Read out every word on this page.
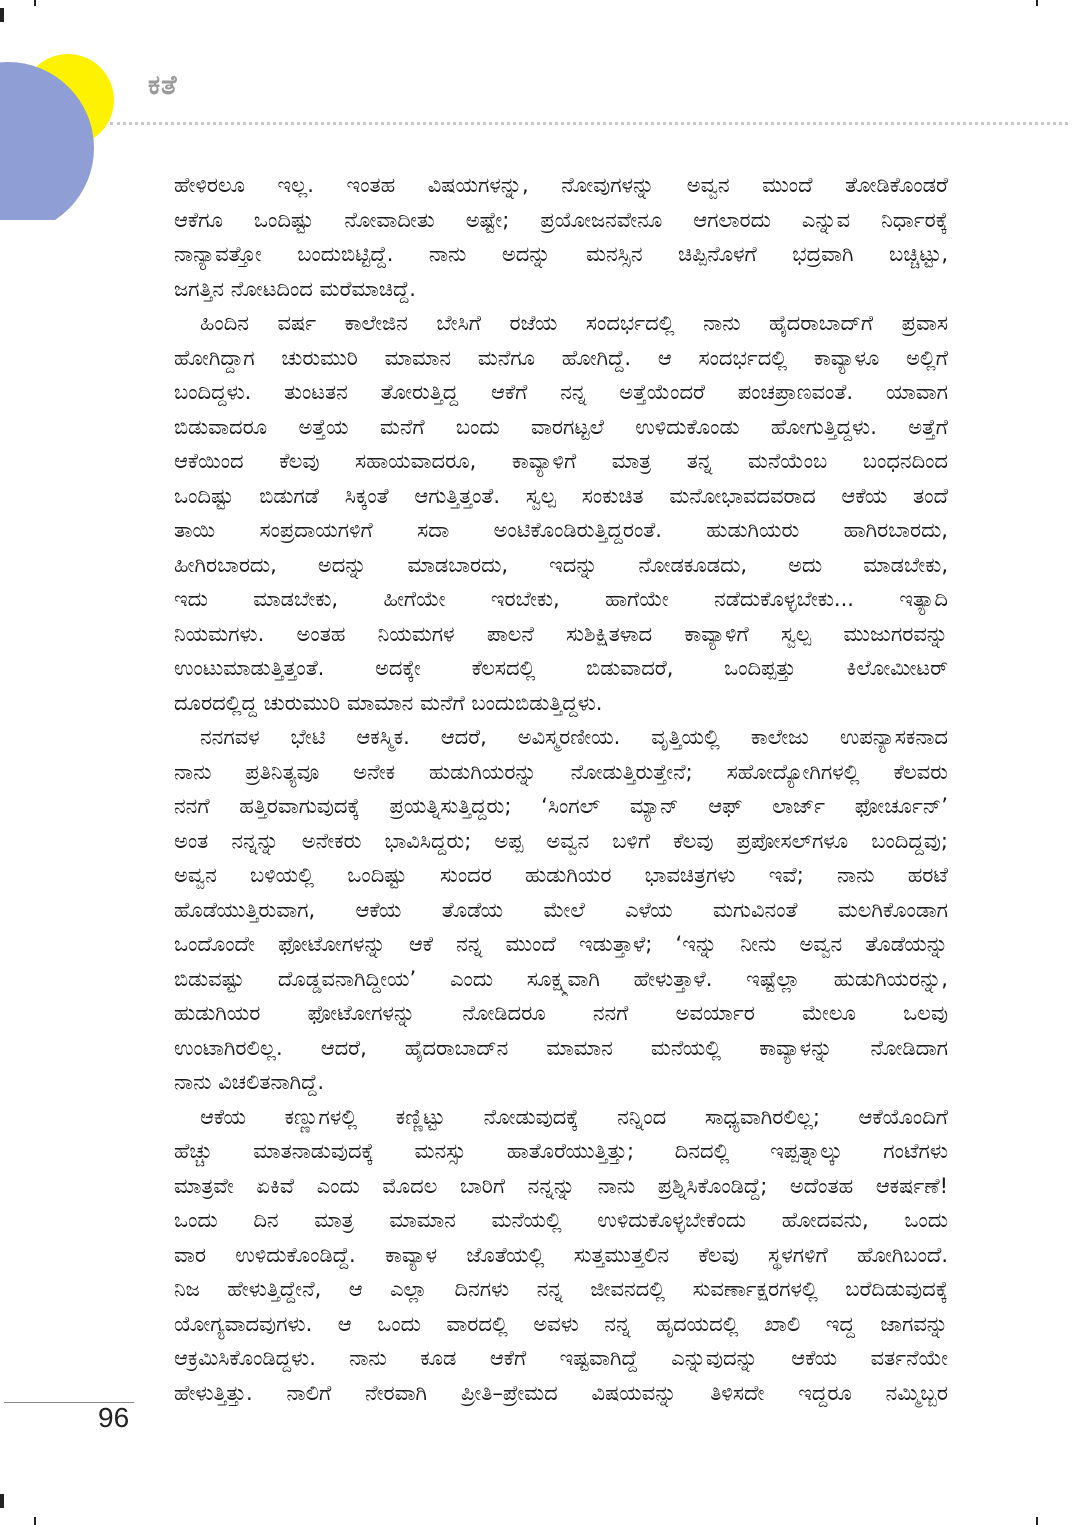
ಕತೆ
ಹೇಳಿರಲೂ ಇಲ್ಲ. ಇಂತಹ ವಿಷಯಗಳನ್ನು, ನೋವುಗಳನ್ನು ಅವ್ವನ ಮುಂದೆ ತೋಡಿಕೊಂಡರೆ
ಆಕೆಗೂ ಒಂದಿಷ್ಟು ನೋವಾದೀತು ಅಷ್ಟೇ; ಪ್ರಯೋಜನವೇನೂ ಆಗಲಾರದು ಎನ್ನುವ ನಿರ್ಧಾರಕ್ಕೆ
ನಾನ್ಯಾವತ್ತೋ ಬಂದುಬಿಟ್ಟಿದ್ದೆ. ನಾನು ಅದನ್ನು ಮನಸ್ಸಿನ ಚಿಪ್ಪಿನೊಳಗೆ ಭದ್ರವಾಗಿ ಬಚ್ಚಿಟ್ಟು,
ಜಗತ್ತಿನ ನೋಟದಿಂದ ಮರೆಮಾಚಿದ್ದೆ.
ಹಿಂದಿನ ವರ್ಷ ಕಾಲೇಜಿನ ಬೇಸಿಗೆ ರಜೆಯ ಸಂದರ್ಭದಲ್ಲಿ ನಾನು ಹೈದರಾಬಾದ್‌ಗೆ ಪ್ರವಾಸ
ಹೋಗಿದ್ದಾಗ ಚುರುಮುರಿ ಮಾಮಾನ ಮನೆಗೂ ಹೋಗಿದ್ದೆ. ಆ ಸಂದರ್ಭದಲ್ಲಿ ಕಾವ್ಯಾಳೂ ಅಲ್ಲಿಗೆ
ಬಂದಿದ್ದಳು. ತುಂಟತನ ತೋರುತ್ತಿದ್ದ ಆಕೆಗೆ ನನ್ನ ಅತ್ತೆಯೆಂದರೆ ಪಂಚಪ್ರಾಣವಂತೆ. ಯಾವಾಗ
ಬಿಡುವಾದರೂ ಅತ್ತೆಯ ಮನೆಗೆ ಬಂದು ವಾರಗಟ್ಟಲೆ ಉಳಿದುಕೊಂಡು ಹೋಗುತ್ತಿದ್ದಳು. ಅತ್ತೆಗೆ
ಆಕೆಯಿಂದ ಕೆಲವು ಸಹಾಯವಾದರೂ, ಕಾವ್ಯಾಳಿಗೆ ಮಾತ್ರ ತನ್ನ ಮನೆಯೆಂಬ ಬಂಧನದಿಂದ
ಒಂದಿಷ್ಟು ಬಿಡುಗಡೆ ಸಿಕ್ಕಂತೆ ಆಗುತ್ತಿತ್ತಂತೆ. ಸ್ವಲ್ಪ ಸಂಕುಚಿತ ಮನೋಭಾವದವರಾದ ಆಕೆಯ ತಂದೆ
ತಾಯಿ ಸಂಪ್ರದಾಯಗಳಿಗೆ ಸದಾ ಅಂಟಿಕೊಂಡಿರುತ್ತಿದ್ದರಂತೆ. ಹುಡುಗಿಯರು ಹಾಗಿರಬಾರದು,
ಹೀಗಿರಬಾರದು, ಅದನ್ನು ಮಾಡಬಾರದು, ಇದನ್ನು ನೋಡಕೂಡದು, ಅದು ಮಾಡಬೇಕು,
ಇದು ಮಾಡಬೇಕು, ಹೀಗೆಯೇ ಇರಬೇಕು, ಹಾಗೆಯೇ ನಡೆದುಕೊಳ್ಳಬೇಕು... ಇತ್ಯಾದಿ
ನಿಯಮಗಳು. ಅಂತಹ ನಿಯಮಗಳ ಪಾಲನೆ ಸುಶಿಕ್ಷಿತಳಾದ ಕಾವ್ಯಾಳಿಗೆ ಸ್ವಲ್ಪ ಮುಜುಗರವನ್ನು
ಉಂಟುಮಾಡುತ್ತಿತ್ತಂತೆ. ಅದಕ್ಕೇ ಕೆಲಸದಲ್ಲಿ ಬಿಡುವಾದರೆ, ಒಂದಿಪ್ಪತ್ತು ಕಿಲೋಮೀಟರ್
ದೂರದಲ್ಲಿದ್ದ ಚುರುಮುರಿ ಮಾಮಾನ ಮನೆಗೆ ಬಂದುಬಿಡುತ್ತಿದ್ದಳು.
ನನಗವಳ ಭೇಟಿ ಆಕಸ್ಮಿಕ. ಆದರೆ, ಅವಿಸ್ಮರಣೀಯ. ವೃತ್ತಿಯಲ್ಲಿ ಕಾಲೇಜು ಉಪನ್ಯಾಸಕನಾದ
ನಾನು ಪ್ರತಿನಿತ್ಯವೂ ಅನೇಕ ಹುಡುಗಿಯರನ್ನು ನೋಡುತ್ತಿರುತ್ತೇನೆ; ಸಹೋದ್ಯೋಗಿಗಳಲ್ಲಿ ಕೆಲವರು
ನನಗೆ ಹತ್ತಿರವಾಗುವುದಕ್ಕೆ ಪ್ರಯತ್ನಿಸುತ್ತಿದ್ದರು; ‘ಸಿಂಗಲ್ ಮ್ಯಾನ್ ಆಫ್ ಲಾರ್ಜ್ ಫೋರ್ಚೂನ್’
ಅಂತ ನನ್ನನ್ನು ಅನೇಕರು ಭಾವಿಸಿದ್ದರು; ಅಪ್ಪ ಅವ್ವನ ಬಳಿಗೆ ಕೆಲವು ಪ್ರಪೋಸಲ್‌ಗಳೂ ಬಂದಿದ್ದವು;
ಅವ್ವನ ಬಳಿಯಲ್ಲಿ ಒಂದಿಷ್ಟು ಸುಂದರ ಹುಡುಗಿಯರ ಭಾವಚಿತ್ರಗಳು ಇವೆ; ನಾನು ಹರಟೆ
ಹೊಡೆಯುತ್ತಿರುವಾಗ, ಆಕೆಯ ತೊಡೆಯ ಮೇಲೆ ಎಳೆಯ ಮಗುವಿನಂತೆ ಮಲಗಿಕೊಂಡಾಗ
ಒಂದೊಂದೇ ಫೋಟೋಗಳನ್ನು ಆಕೆ ನನ್ನ ಮುಂದೆ ಇಡುತ್ತಾಳೆ; ‘ಇನ್ನು ನೀನು ಅವ್ವನ ತೊಡೆಯನ್ನು
ಬಿಡುವಷ್ಟು ದೊಡ್ಡವನಾಗಿದ್ದೀಯ’ ಎಂದು ಸೂಕ್ಷ್ಮವಾಗಿ ಹೇಳುತ್ತಾಳೆ. ಇಷ್ಟೆಲ್ಲಾ ಹುಡುಗಿಯರನ್ನು,
ಹುಡುಗಿಯರ ಫೋಟೋಗಳನ್ನು ನೋಡಿದರೂ ನನಗೆ ಅವರ್ಯಾರ ಮೇಲೂ ಒಲವು
ಉಂಟಾಗಿರಲಿಲ್ಲ. ಆದರೆ, ಹೈದರಾಬಾದ್‌ನ ಮಾಮಾನ ಮನೆಯಲ್ಲಿ ಕಾವ್ಯಾಳನ್ನು ನೋಡಿದಾಗ
ನಾನು ವಿಚಲಿತನಾಗಿದ್ದೆ.
ಆಕೆಯ ಕಣ್ಣುಗಳಲ್ಲಿ ಕಣ್ಣಿಟ್ಟು ನೋಡುವುದಕ್ಕೆ ನನ್ನಿಂದ ಸಾಧ್ಯವಾಗಿರಲಿಲ್ಲ; ಆಕೆಯೊಂದಿಗೆ
ಹೆಚ್ಚು ಮಾತನಾಡುವುದಕ್ಕೆ ಮನಸ್ಸು ಹಾತೊರೆಯುತ್ತಿತ್ತು; ದಿನದಲ್ಲಿ ಇಪ್ಪತ್ನಾಲ್ಕು ಗಂಟೆಗಳು
ಮಾತ್ರವೇ ಏಕಿವೆ ಎಂದು ಮೊದಲ ಬಾರಿಗೆ ನನ್ನನ್ನು ನಾನು ಪ್ರಶ್ನಿಸಿಕೊಂಡಿದ್ದೆ; ಅದೆಂತಹ ಆಕರ್ಷಣೆ!
ಒಂದು ದಿನ ಮಾತ್ರ ಮಾಮಾನ ಮನೆಯಲ್ಲಿ ಉಳಿದುಕೊಳ್ಳಬೇಕೆಂದು ಹೋದವನು, ಒಂದು
ವಾರ ಉಳಿದುಕೊಂಡಿದ್ದೆ. ಕಾವ್ಯಾಳ ಜೊತೆಯಲ್ಲಿ ಸುತ್ತಮುತ್ತಲಿನ ಕೆಲವು ಸ್ಥಳಗಳಿಗೆ ಹೋಗಿಬಂದೆ.
ನಿಜ ಹೇಳುತ್ತಿದ್ದೇನೆ, ಆ ಎಲ್ಲಾ ದಿನಗಳು ನನ್ನ ಜೀವನದಲ್ಲಿ ಸುವರ್ಣಾಕ್ಷರಗಳಲ್ಲಿ ಬರೆದಿಡುವುದಕ್ಕೆ
ಯೋಗ್ಯವಾದವುಗಳು. ಆ ಒಂದು ವಾರದಲ್ಲಿ ಅವಳು ನನ್ನ ಹೃದಯದಲ್ಲಿ ಖಾಲಿ ಇದ್ದ ಜಾಗವನ್ನು
ಆಕ್ರಮಿಸಿಕೊಂಡಿದ್ದಳು. ನಾನು ಕೂಡ ಆಕೆಗೆ ಇಷ್ಟವಾಗಿದ್ದೆ ಎನ್ನುವುದನ್ನು ಆಕೆಯ ವರ್ತನೆಯೇ
ಹೇಳುತ್ತಿತ್ತು. ನಾಲಿಗೆ ನೇರವಾಗಿ ಪ್ರೀತಿ–ಪ್ರೇಮದ ವಿಷಯವನ್ನು ತಿಳಿಸದೇ ಇದ್ದರೂ ನಮ್ಮಿಬ್ಬರ
96
